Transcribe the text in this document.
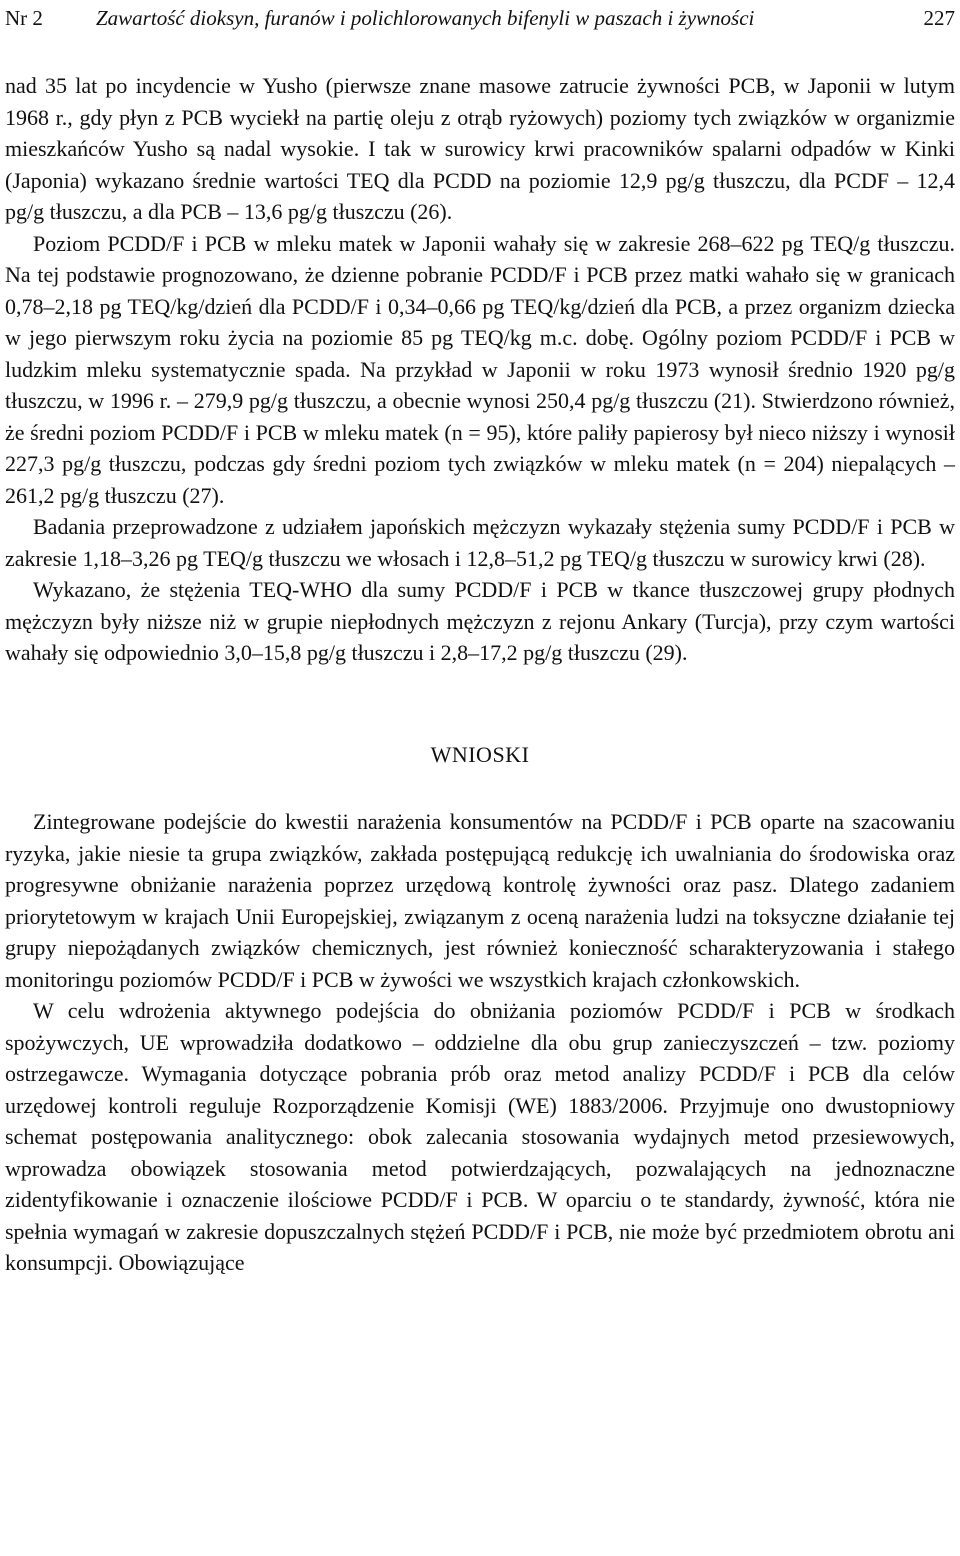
Nr 2	Zawartość dioksyn, furanów i polichlorowanych bifenyli w paszach i żywności	227

nad 35 lat po incydencie w Yusho (pierwsze znane masowe zatrucie żywności PCB, w Japonii w lutym 1968 r., gdy płyn z PCB wyciekł na partię oleju z otrąb ryżowych) poziomy tych związków w organizmie mieszkańców Yusho są nadal wysokie. I tak w surowicy krwi pracowników spalarni odpadów w Kinki (Japonia) wykazano średnie wartości TEQ dla PCDD na poziomie 12,9 pg/g tłuszczu, dla PCDF – 12,4 pg/g tłuszczu, a dla PCB – 13,6 pg/g tłuszczu (26).

Poziom PCDD/F i PCB w mleku matek w Japonii wahały się w zakresie 268–622 pg TEQ/g tłuszczu. Na tej podstawie prognozowano, że dzienne pobranie PCDD/F i PCB przez matki wahało się w granicach 0,78–2,18 pg TEQ/kg/dzień dla PCDD/F i 0,34–0,66 pg TEQ/kg/dzień dla PCB, a przez organizm dziecka w jego pierwszym roku życia na poziomie 85 pg TEQ/kg m.c. dobę. Ogólny poziom PCDD/F i PCB w ludzkim mleku systematycznie spada. Na przykład w Japonii w roku 1973 wynosił średnio 1920 pg/g tłuszczu, w 1996 r. – 279,9 pg/g tłuszczu, a obecnie wynosi 250,4 pg/g tłuszczu (21). Stwierdzono również, że średni poziom PCDD/F i PCB w mleku matek (n = 95), które paliły papierosy był nieco niższy i wynosił 227,3 pg/g tłuszczu, podczas gdy średni poziom tych związków w mleku matek (n = 204) niepalących – 261,2 pg/g tłuszczu (27).

Badania przeprowadzone z udziałem japońskich mężczyzn wykazały stężenia sumy PCDD/F i PCB w zakresie 1,18–3,26 pg TEQ/g tłuszczu we włosach i 12,8–51,2 pg TEQ/g tłuszczu w surowicy krwi (28).

Wykazano, że stężenia TEQ-WHO dla sumy PCDD/F i PCB w tkance tłuszczowej grupy płodnych mężczyzn były niższe niż w grupie niepłodnych mężczyzn z rejonu Ankary (Turcja), przy czym wartości wahały się odpowiednio 3,0–15,8 pg/g tłuszczu i 2,8–17,2 pg/g tłuszczu (29).

WNIOSKI

Zintegrowane podejście do kwestii narażenia konsumentów na PCDD/F i PCB oparte na szacowaniu ryzyka, jakie niesie ta grupa związków, zakłada postępującą redukcję ich uwalniania do środowiska oraz progresywne obniżanie narażenia poprzez urzędową kontrolę żywności oraz pasz. Dlatego zadaniem priorytetowym w krajach Unii Europejskiej, związanym z oceną narażenia ludzi na toksyczne działanie tej grupy niepożądanych związków chemicznych, jest również konieczność scharakteryzowania i stałego monitoringu poziomów PCDD/F i PCB w żywości we wszystkich krajach członkowskich.

W celu wdrożenia aktywnego podejścia do obniżania poziomów PCDD/F i PCB w środkach spożywczych, UE wprowadziła dodatkowo – oddzielne dla obu grup zanieczyszczeń – tzw. poziomy ostrzegawcze. Wymagania dotyczące pobrania prób oraz metod analizy PCDD/F i PCB dla celów urzędowej kontroli reguluje Rozporządzenie Komisji (WE) 1883/2006. Przyjmuje ono dwustopniowy schemat postępowania analitycznego: obok zalecania stosowania wydajnych metod przesiewowych, wprowadza obowiązek stosowania metod potwierdzających, pozwalających na jednoznaczne zidentyfikowanie i oznaczenie ilościowe PCDD/F i PCB. W oparciu o te standardy, żywność, która nie spełnia wymagań w zakresie dopuszczalnych stężeń PCDD/F i PCB, nie może być przedmiotem obrotu ani konsumpcji. Obowiązujące
